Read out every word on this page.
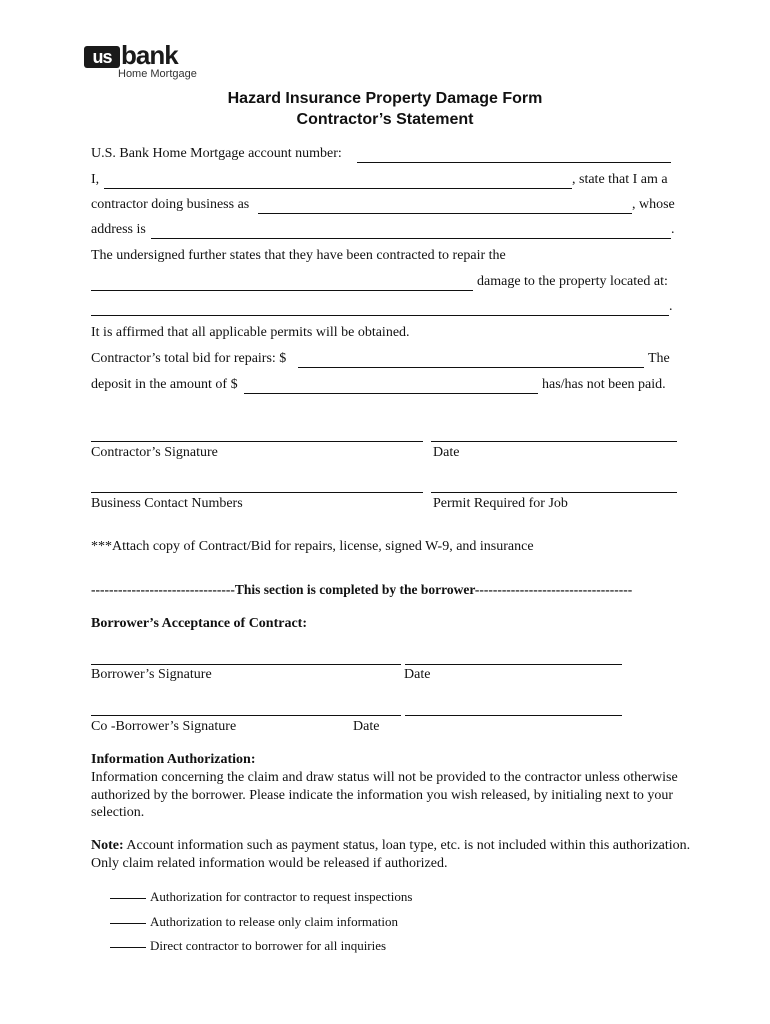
us bank
Home Mortgage
Hazard Insurance Property Damage Form
Contractor’s Statement
U.S. Bank Home Mortgage account number:
I,	, state that I am a
contractor doing business as	, whose
address is	.
The undersigned further states that they have been contracted to repair the
damage to the property located at:
.
It is affirmed that all applicable permits will be obtained.
Contractor’s total bid for repairs: $	The
deposit in the amount of $	has/has not been paid.
Contractor’s Signature	Date
Business Contact Numbers	Permit Required for Job
***Attach copy of Contract/Bid for repairs, license, signed W-9, and insurance
--------------------------------This section is completed by the borrower-----------------------------------
Borrower’s Acceptance of Contract:
Borrower’s Signature	Date
Co -Borrower’s Signature	Date
Information Authorization:
Information concerning the claim and draw status will not be provided to the contractor unless otherwise authorized by the borrower. Please indicate the information you wish released, by initialing next to your selection.
Note: Account information such as payment status, loan type, etc. is not included within this authorization. Only claim related information would be released if authorized.
Authorization for contractor to request inspections
Authorization to release only claim information
Direct contractor to borrower for all inquiries
